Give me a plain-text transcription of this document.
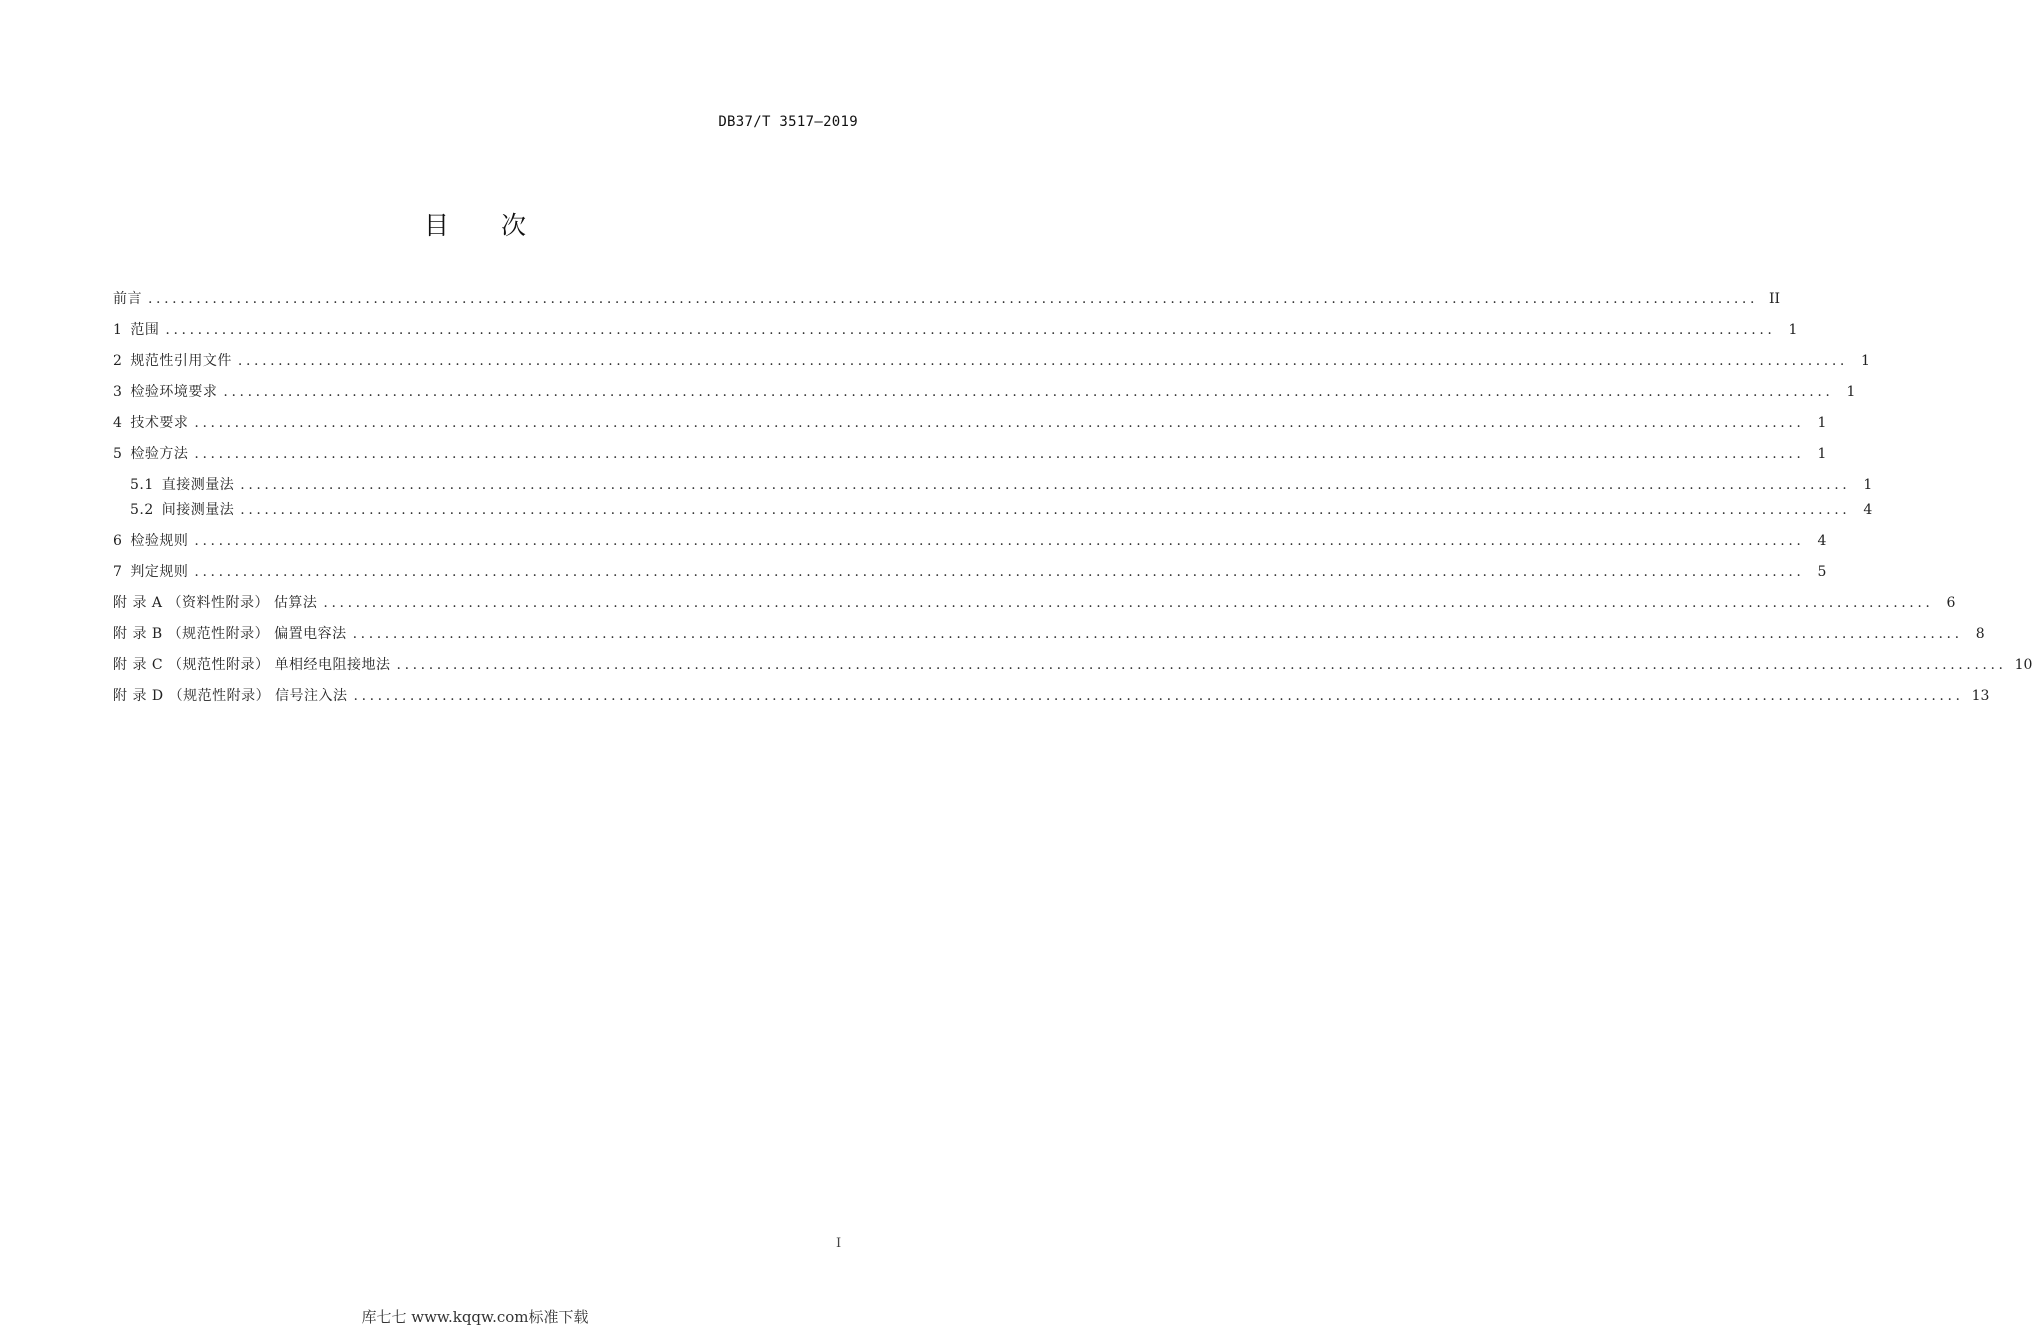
DB37/T 3517—2019
目 次
前言 ........................................................................................................................................................................................................ II
1 范围 ........................................................................................................................................................................................................ 1
2 规范性引用文件 ........................................................................................................................................................................................................ 1
3 检验环境要求 ........................................................................................................................................................................................................ 1
4 技术要求 ........................................................................................................................................................................................................ 1
5 检验方法 ........................................................................................................................................................................................................ 1
5.1 直接测量法 ........................................................................................................................................................................................................ 1
5.2 间接测量法 ........................................................................................................................................................................................................ 4
6 检验规则 ........................................................................................................................................................................................................ 4
7 判定规则 ........................................................................................................................................................................................................ 5
附 录 A （资料性附录） 估算法 ........................................................................................................................................................................................................ 6
附 录 B （规范性附录） 偏置电容法 ........................................................................................................................................................................................................ 8
附 录 C （规范性附录） 单相经电阻接地法 ........................................................................................................................................................................................................ 10
附 录 D （规范性附录） 信号注入法 ........................................................................................................................................................................................................ 13
I
库七七 www.kqqw.com标准下载
